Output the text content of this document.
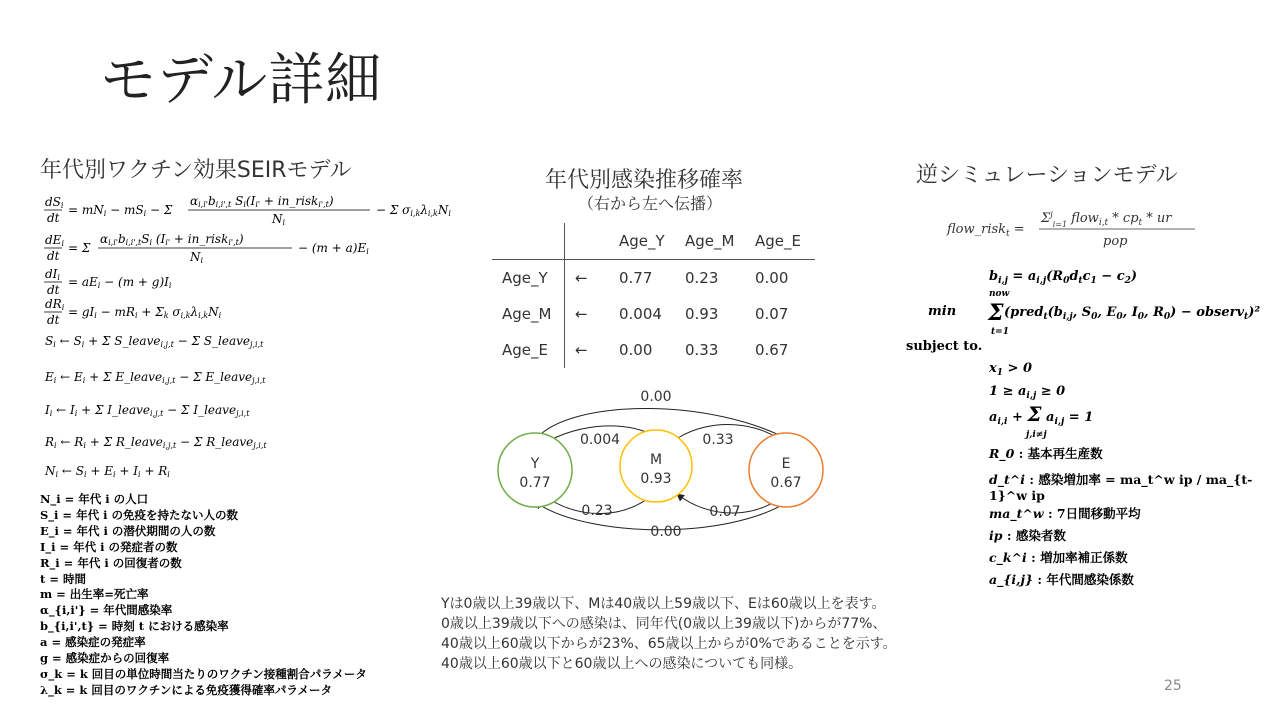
モデル詳細
年代別ワクチン効果SEIRモデル
dSi
dt
= mNi − mSi − Σ
αi,i'bi,i',t Si(Ii' + in_riski',t)
Ni
− Σ σi,kλi,kNi
dEi
dt
= Σ
αi,i'bi,i',tSi (Ii' + in_riski',t)
Ni
− (m + a)Ei
dIi
dt
= aEi − (m + g)Ii
dRi
dt
= gIi − mRi + Σk σi,kλi,kNi
Si ← Si + Σ S_leavei,j,t − Σ S_leavej,i,t
Ei ← Ei + Σ E_leavei,j,t − Σ E_leavej,i,t
Ii ← Ii + Σ I_leavei,j,t − Σ I_leavej,i,t
Ri ← Ri + Σ R_leavei,j,t − Σ R_leavej,i,t
Ni ← Si + Ei + Ii + Ri
N_i = 年代 i の人口
S_i = 年代 i の免疫を持たない人の数
E_i = 年代 i の潜伏期間の人の数
I_i = 年代 i の発症者の数
R_i = 年代 i の回復者の数
t = 時間
m = 出生率=死亡率
α_{i,i'} = 年代間感染率
b_{i,i',t} = 時刻 t における感染率
a = 感染症の発症率
g = 感染症からの回復率
σ_k = k 回目の単位時間当たりのワクチン接種割合パラメータ
λ_k = k 回目のワクチンによる免疫獲得確率パラメータ
年代別感染推移確率
（右から左へ伝播）
		Age_Y	Age_M	Age_E
Age_Y	←	0.77	0.23	0.00
Age_M	←	0.004	0.93	0.07
Age_E	←	0.00	0.33	0.67
Y
0.77
M
0.93
E
0.67
0.00
0.004	0.33
0.23	0.07
0.00
Yは0歳以上39歳以下、Mは40歳以上59歳以下、Eは60歳以上を表す。
0歳以上39歳以下への感染は、同年代(0歳以上39歳以下)からが77%、
40歳以上60歳以下からが23%、65歳以上からが0%であることを示す。
40歳以上60歳以下と60歳以上への感染についても同様。
逆シミュレーションモデル
flow_risk$_t$ =
$\Sigma^j_{i=1}$ flow$_{i,t}$ * $cp_t$ * ur
pop
$b_{i,j} = a_{i,j}(R_0d_tc_1 - c_2)$
min
now
Σ
t=1
($pred_t(b_{i,j}$, $S_0$, $E_0$, $I_0$, $R_0$) − observ$_t$)²
subject to.
$x_1 > 0$
$1 \ge a_{i,j} \ge 0$
$a_{i,i} + \Sigma$ $a_{i,j} = 1$
j,i≠j
R_0 : 基本再生産数
d_t^i : 感染増加率 = ma_t^w ip / ma_{t-1}^w ip
ma_t^w : 7日間移動平均
ip : 感染者数
c_k^i : 増加率補正係数
a_{i,j} : 年代間感染係数
25
